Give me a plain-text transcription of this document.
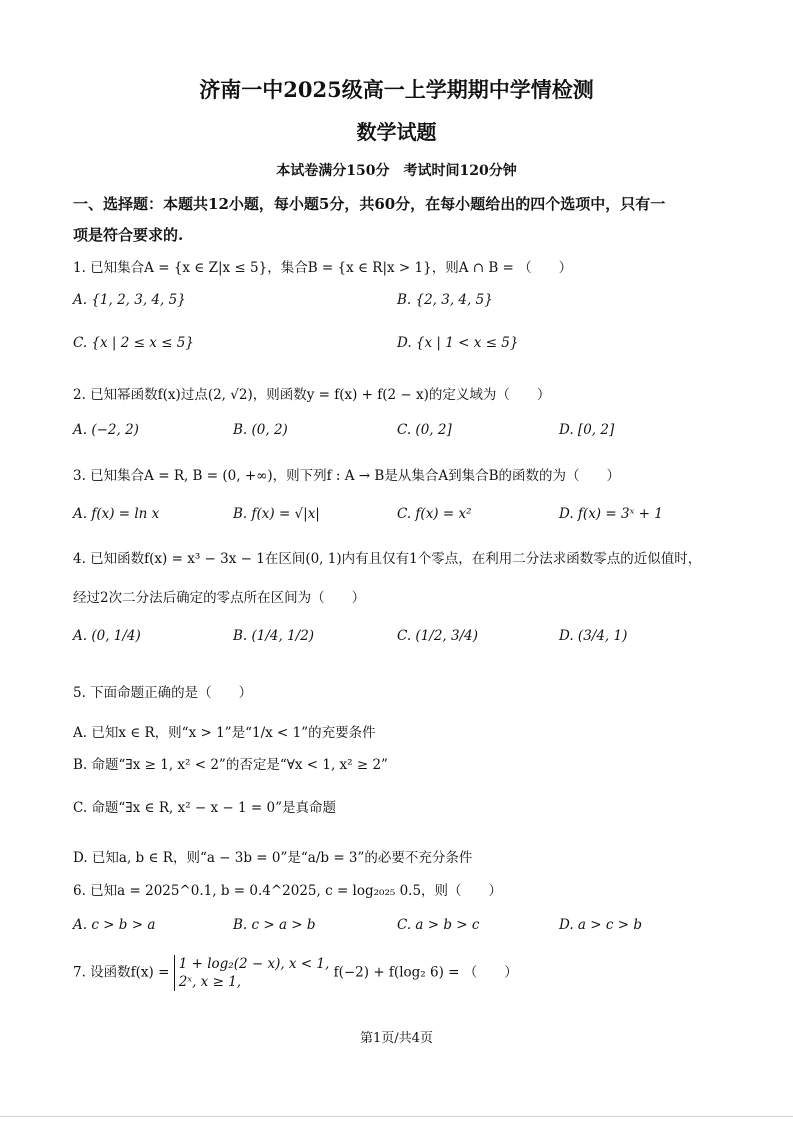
济南一中2025级高一上学期期中学情检测
数学试题
本试卷满分150分　考试时间120分钟
一、选择题：本题共12小题，每小题5分，共60分，在每小题给出的四个选项中，只有一
项是符合要求的.
1. 已知集合A = {x ∈ Z|x ≤ 5}，集合B = {x ∈ R|x > 1}，则A ∩ B = （　　）
A. {1, 2, 3, 4, 5}	B. {2, 3, 4, 5}
C. {x | 2 ≤ x ≤ 5}	D. {x | 1 < x ≤ 5}
2. 已知幂函数f(x)过点(2, √2)，则函数y = f(x) + f(2 − x)的定义域为（　　）
A. (−2, 2)	B. (0, 2)	C. (0, 2]	D. [0, 2]
3. 已知集合A = R, B = (0, +∞)，则下列f : A → B是从集合A到集合B的函数的为（　　）
A. f(x) = ln x	B. f(x) = √|x|	C. f(x) = x²	D. f(x) = 3ˣ + 1
4. 已知函数f(x) = x³ − 3x − 1在区间(0, 1)内有且仅有1个零点，在利用二分法求函数零点的近似值时，
经过2次二分法后确定的零点所在区间为（　　）
A. (0, 1/4)	B. (1/4, 1/2)	C. (1/2, 3/4)	D. (3/4, 1)
5. 下面命题正确的是（　　）
A. 已知x ∈ R，则“x > 1”是“1/x < 1”的充要条件
B. 命题“∃x ≥ 1, x² < 2”的否定是“∀x < 1, x² ≥ 2”
C. 命题“∃x ∈ R, x² − x − 1 = 0”是真命题
D. 已知a, b ∈ R，则“a − 3b = 0”是“a/b = 3”的必要不充分条件
6. 已知a = 2025^0.1, b = 0.4^2025, c = log₂₀₂₅ 0.5，则（　　）
A. c > b > a	B. c > a > b	C. a > b > c	D. a > c > b
7. 设函数f(x) =
1 + log₂(2 − x), x < 1,
2ˣ, x ≥ 1,
f(−2) + f(log₂ 6) = （　　）
第1页/共4页
